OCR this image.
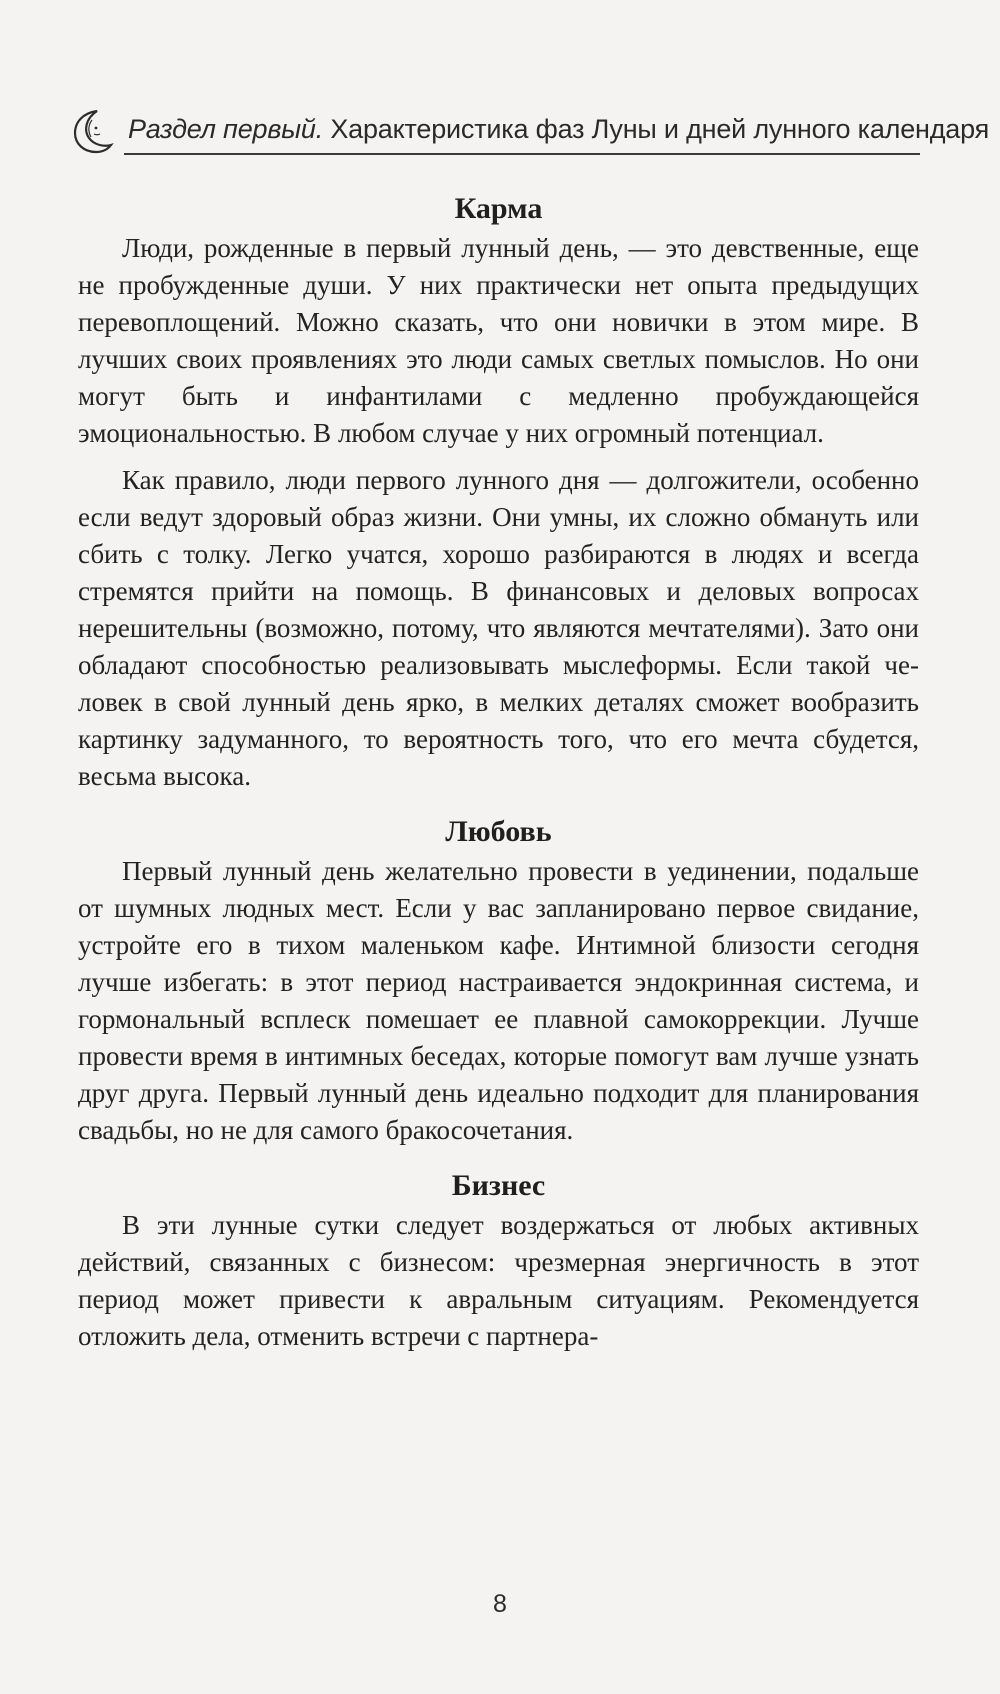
Раздел первый. Характеристика фаз Луны и дней лунного календаря
Карма

Люди, рожденные в первый лунный день, — это девственные, еще не пробужденные души. У них практически нет опыта предыдущих перевоплощений. Можно сказать, что они новички в этом мире. В лучших своих проявлениях это люди самых светлых помыслов. Но они могут быть и инфантилами с медленно пробуждающейся эмоциональностью. В любом случае у них огромный потенциал.

Как правило, люди первого лунного дня — долгожители, особенно если ведут здоровый образ жизни. Они умны, их сложно обмануть или сбить с толку. Легко учатся, хорошо разбираются в людях и всегда стремятся прийти на помощь. В финансовых и деловых вопросах нерешительны (возможно, потому, что являются мечтателями). Зато они обладают способностью реализовывать мыслеформы. Если такой человек в свой лунный день ярко, в мелких деталях сможет вообразить картинку задуманного, то вероятность того, что его мечта сбудется, весьма высока.

Любовь

Первый лунный день желательно провести в уединении, подальше от шумных людных мест. Если у вас запланировано первое свидание, устройте его в тихом маленьком кафе. Интимной близости сегодня лучше избегать: в этот период настраивается эндокринная система, и гормональный всплеск помешает ее плавной самокоррекции. Лучше провести время в интимных беседах, которые помогут вам лучше узнать друг друга. Первый лунный день идеально подходит для планирования свадьбы, но не для самого бракосочетания.

Бизнес

В эти лунные сутки следует воздержаться от любых активных действий, связанных с бизнесом: чрезмерная энергичность в этот период может привести к авральным ситуациям. Рекомендуется отложить дела, отменить встречи с партнера-

8
